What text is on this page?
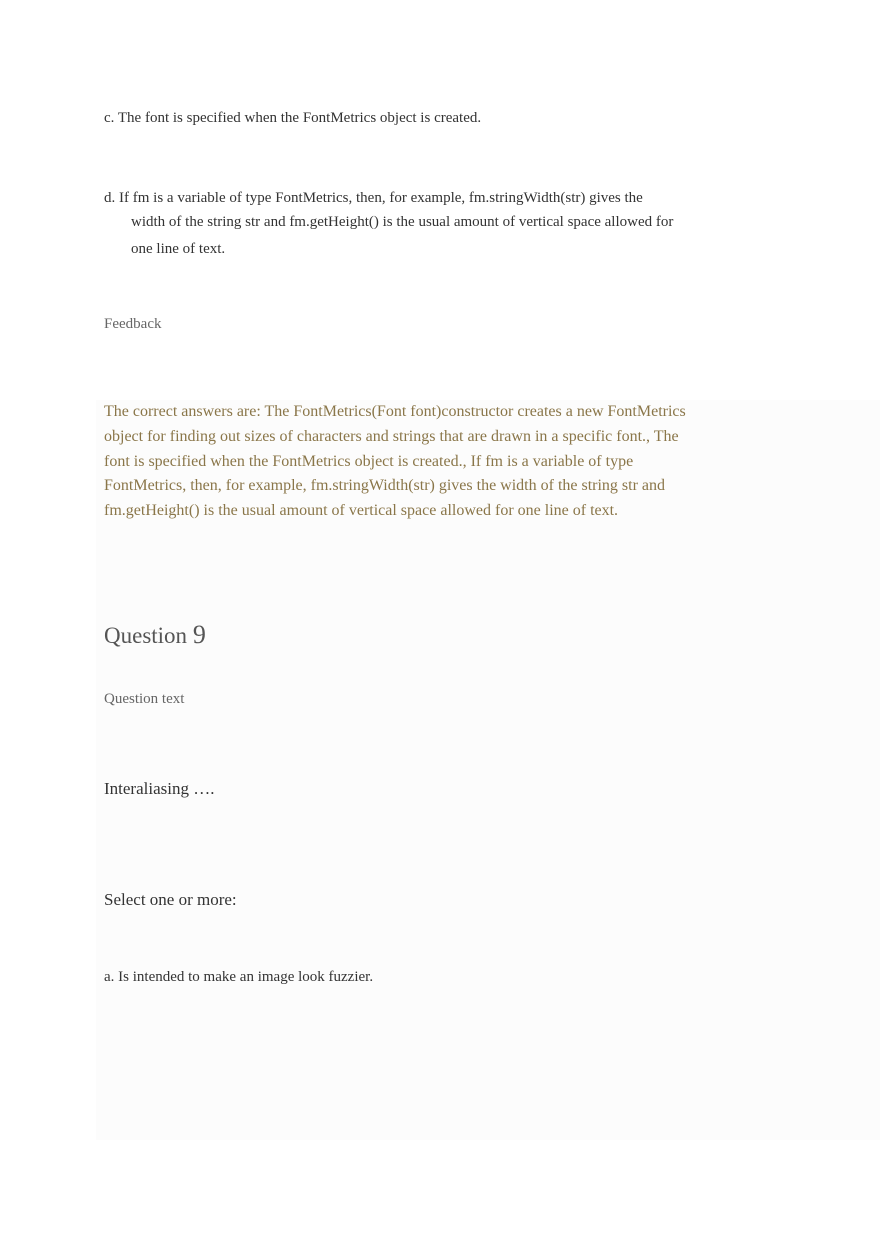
c. The font is specified when the FontMetrics object is created.

d. If fm is a variable of type FontMetrics, then, for example, fm.stringWidth(str) gives the
width of the string str and fm.getHeight() is the usual amount of vertical space allowed for
one line of text.

Feedback

The correct answers are: The FontMetrics(Font font)constructor creates a new FontMetrics object for finding out sizes of characters and strings that are drawn in a specific font., The font is specified when the FontMetrics object is created., If fm is a variable of type FontMetrics, then, for example, fm.stringWidth(str) gives the width of the string str and fm.getHeight() is the usual amount of vertical space allowed for one line of text.

Question 9

Question text

Interaliasing ….

Select one or more:

a. Is intended to make an image look fuzzier.
